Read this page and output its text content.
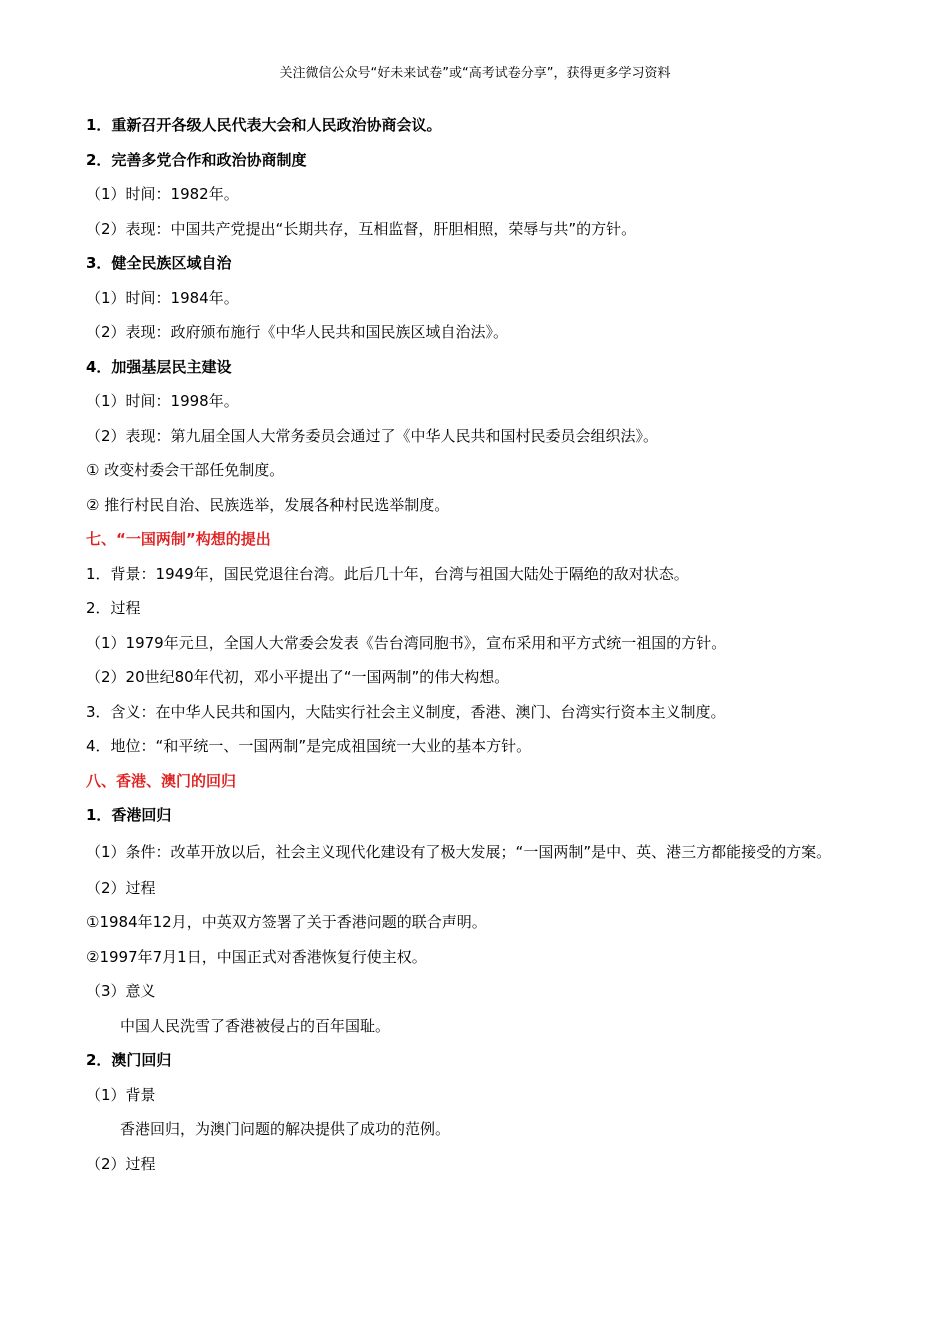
关注微信公众号“好未来试卷”或“高考试卷分享”，获得更多学习资料
1．重新召开各级人民代表大会和人民政治协商会议。
2．完善多党合作和政治协商制度
（1）时间：1982年。
（2）表现：中国共产党提出“长期共存，互相监督，肝胆相照，荣辱与共”的方针。
3．健全民族区域自治
（1）时间：1984年。
（2）表现：政府颁布施行《中华人民共和国民族区域自治法》。
4．加强基层民主建设
（1）时间：1998年。
（2）表现：第九届全国人大常务委员会通过了《中华人民共和国村民委员会组织法》。
① 改变村委会干部任免制度。
② 推行村民自治、民族选举，发展各种村民选举制度。
七、“一国两制”构想的提出
1．背景：1949年，国民党退往台湾。此后几十年，台湾与祖国大陆处于隔绝的敌对状态。
2．过程
（1）1979年元旦，全国人大常委会发表《告台湾同胞书》，宣布采用和平方式统一祖国的方针。
（2）20世纪80年代初，邓小平提出了“一国两制”的伟大构想。
3．含义：在中华人民共和国内，大陆实行社会主义制度，香港、澳门、台湾实行资本主义制度。
4．地位：“和平统一、一国两制”是完成祖国统一大业的基本方针。
八、香港、澳门的回归
1．香港回归
（1）条件：改革开放以后，社会主义现代化建设有了极大发展；“一国两制”是中、英、港三方都能接受的方案。
（2）过程
①1984年12月，中英双方签署了关于香港问题的联合声明。
②1997年7月1日，中国正式对香港恢复行使主权。
（3）意义
中国人民洗雪了香港被侵占的百年国耻。
2．澳门回归
（1）背景
香港回归，为澳门问题的解决提供了成功的范例。
（2）过程
